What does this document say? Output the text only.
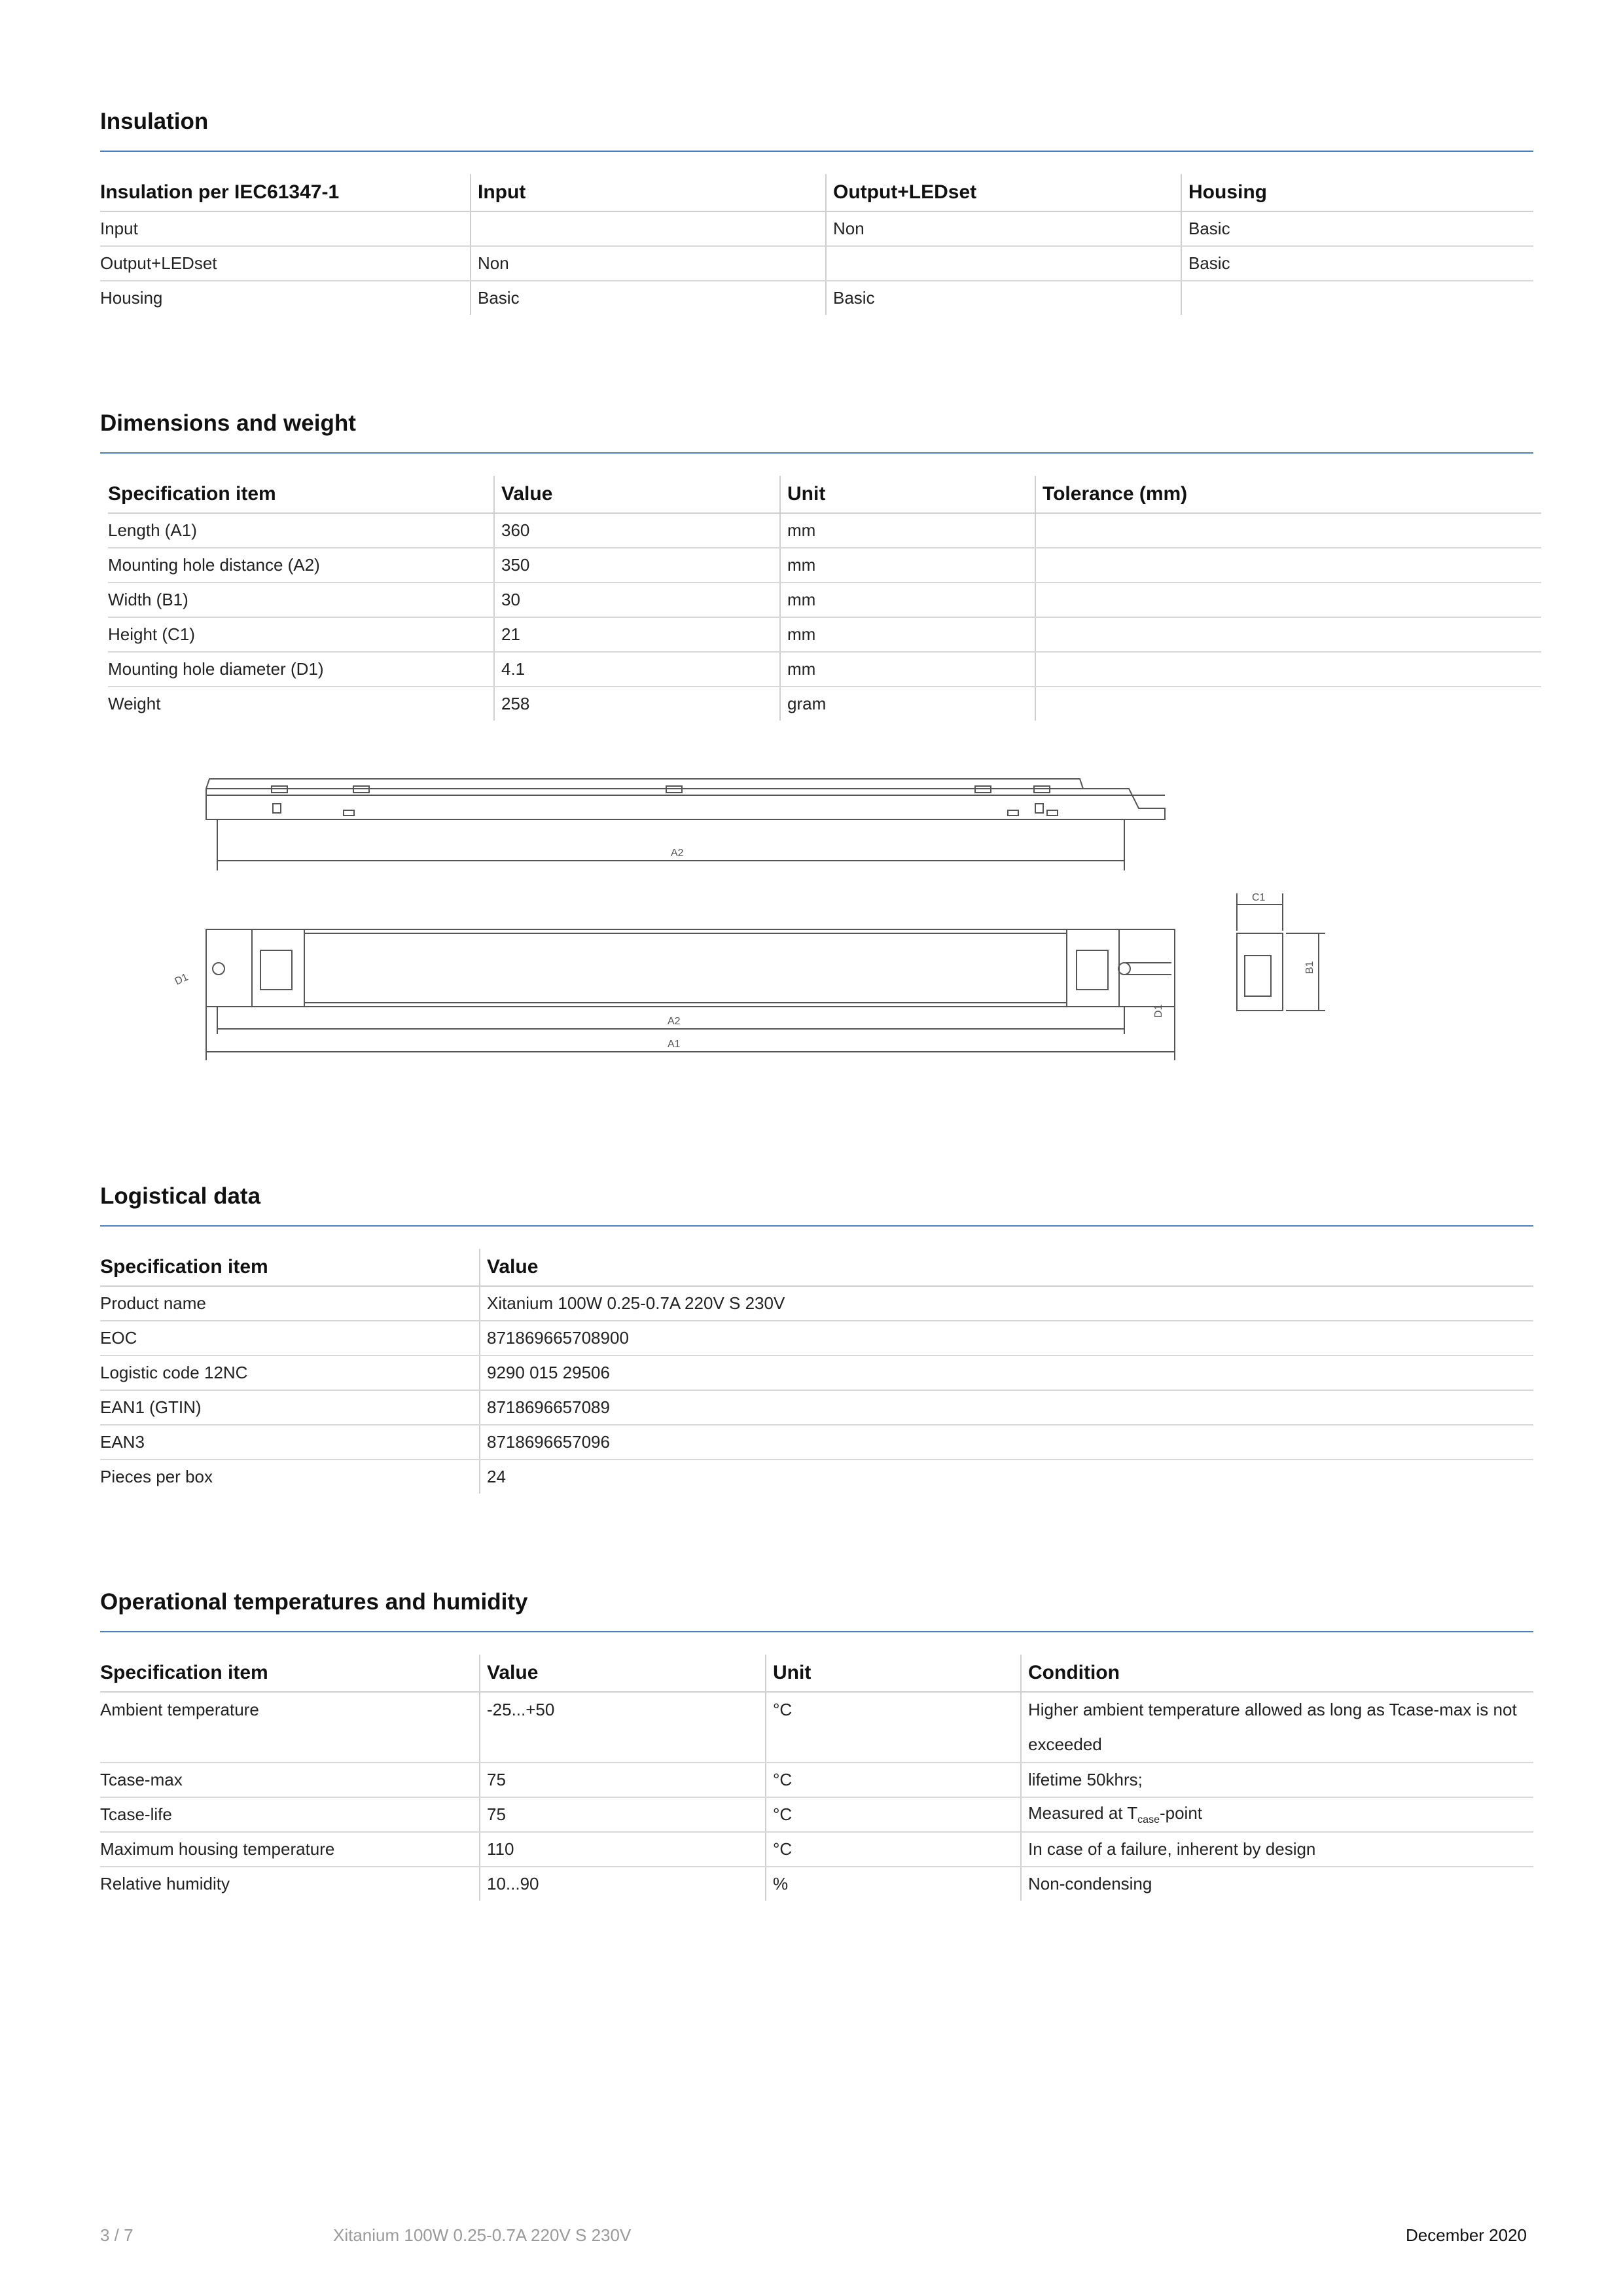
Insulation
Insulation per IEC61347-1	Input	Output+LEDset	Housing
Input		Non	Basic
Output+LEDset	Non		Basic
Housing	Basic	Basic	
Dimensions and weight
Specification item	Value	Unit	Tolerance (mm)
Length (A1)	360	mm	
Mounting hole distance (A2)	350	mm	
Width (B1)	30	mm	
Height (C1)	21	mm	
Mounting hole diameter (D1)	4.1	mm	
Weight	258	gram	
A2
A2
A1
C1
B1
D1
D1
Logistical data
Specification item	Value
Product name	Xitanium 100W 0.25-0.7A 220V S 230V
EOC	871869665708900
Logistic code 12NC	9290 015 29506
EAN1 (GTIN)	8718696657089
EAN3	8718696657096
Pieces per box	24
Operational temperatures and humidity
Specification item	Value	Unit	Condition
Ambient temperature	-25...+50	°C	Higher ambient temperature allowed as long as Tcase-max is not exceeded
Tcase-max	75	°C	lifetime 50khrs;
Tcase-life	75	°C	Measured at $T_{case}$-point
Maximum housing temperature	110	°C	In case of a failure, inherent by design
Relative humidity	10...90	%	Non-condensing
3 / 7	Xitanium 100W 0.25-0.7A 220V S 230V	December 2020
